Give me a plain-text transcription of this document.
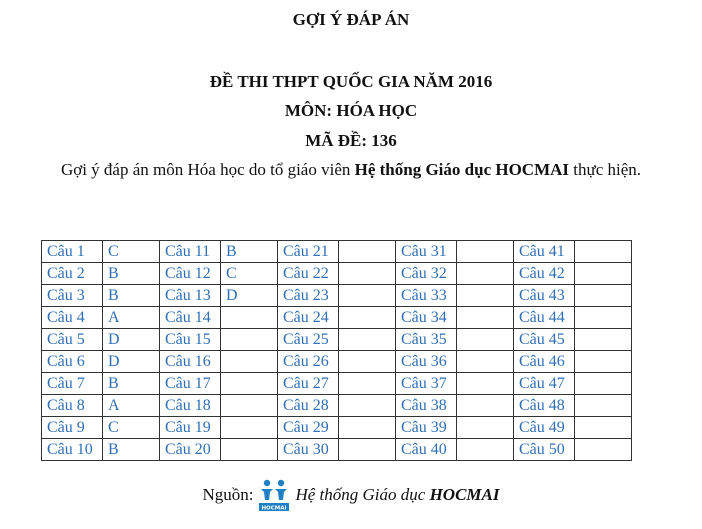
GỢI Ý ĐÁP ÁN
ĐỀ THI THPT QUỐC GIA NĂM 2016
MÔN: HÓA HỌC
MÃ ĐỀ: 136
Gợi ý đáp án môn Hóa học do tổ giáo viên Hệ thống Giáo dục HOCMAI thực hiện.
Câu 1	C	Câu 11	B	Câu 21		Câu 31		Câu 41	
Câu 2	B	Câu 12	C	Câu 22		Câu 32		Câu 42	
Câu 3	B	Câu 13	D	Câu 23		Câu 33		Câu 43	
Câu 4	A	Câu 14		Câu 24		Câu 34		Câu 44	
Câu 5	D	Câu 15		Câu 25		Câu 35		Câu 45	
Câu 6	D	Câu 16		Câu 26		Câu 36		Câu 46	
Câu 7	B	Câu 17		Câu 27		Câu 37		Câu 47	
Câu 8	A	Câu 18		Câu 28		Câu 38		Câu 48	
Câu 9	C	Câu 19		Câu 29		Câu 39		Câu 49	
Câu 10	B	Câu 20		Câu 30		Câu 40		Câu 50	
Nguồn:
HOCMAI
Hệ thống Giáo dục HOCMAI
